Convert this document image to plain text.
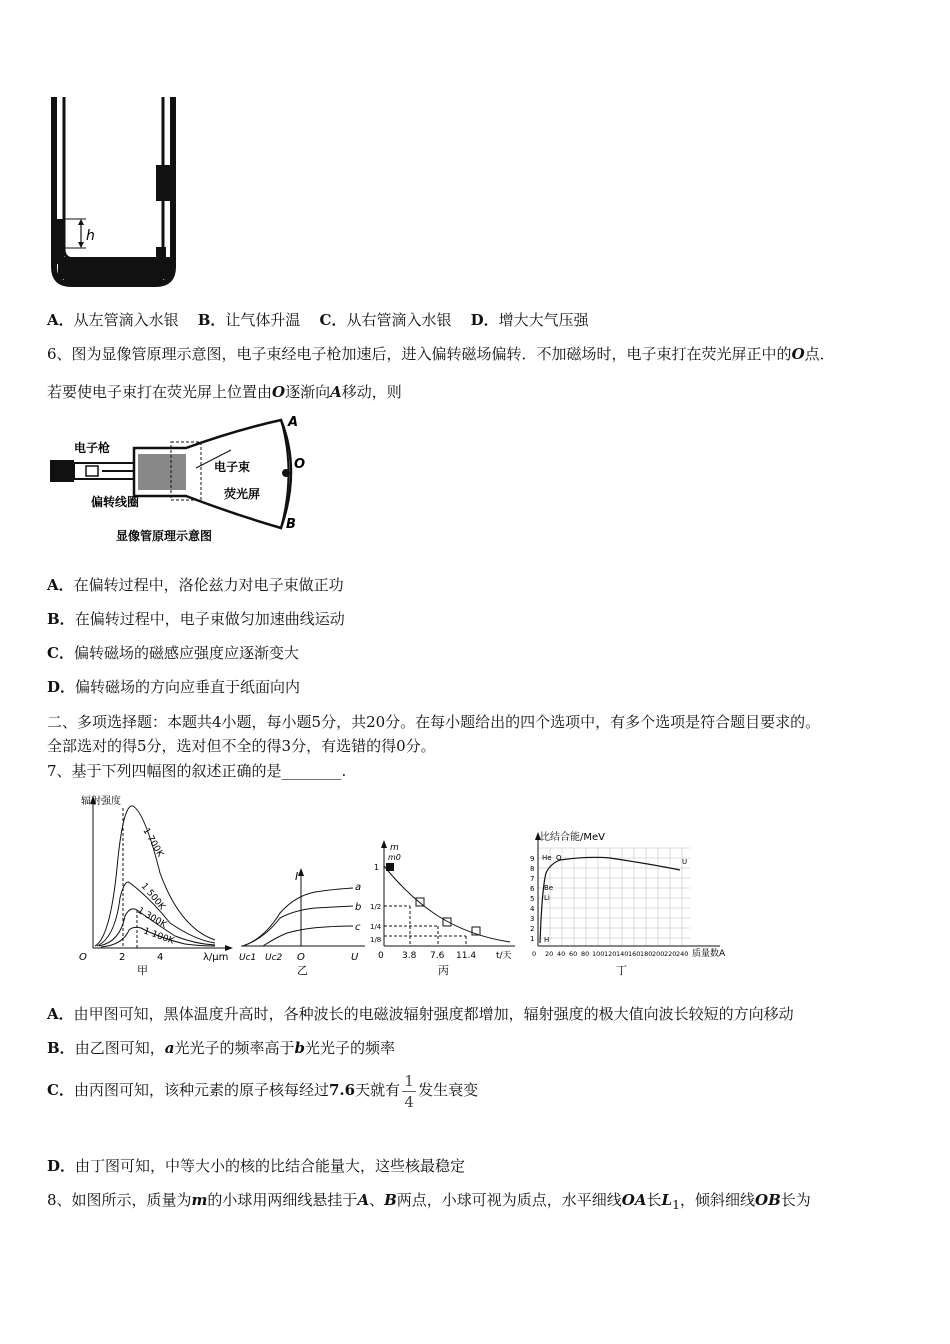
h
A．从左管滴入水银 B．让气体升温 C．从右管滴入水银 D．增大大气压强
6、图为显像管原理示意图，电子束经电子枪加速后，进入偏转磁场偏转．不加磁场时，电子束打在荧光屏正中的O点．
若要使电子束打在荧光屏上位置由O逐渐向A移动，则
电子枪
电子束
荧光屏
偏转线圈
A
O
B
显像管原理示意图
A．在偏转过程中，洛伦兹力对电子束做正功
B．在偏转过程中，电子束做匀加速曲线运动
C．偏转磁场的磁感应强度应逐渐变大
D．偏转磁场的方向应垂直于纸面向内
二、多项选择题：本题共4小题，每小题5分，共20分。在每小题给出的四个选项中，有多个选项是符合题目要求的。
全部选对的得5分，选对但不全的得3分，有选错的得0分。
7、基于下列四幅图的叙述正确的是________.
辐射强度
1 700K
1 500K
1 300K
1 100K
O	2	4	λ/μm
甲
I
a
b
c
Uc1 Uc2 O	U
乙
m
m0
1
1/2
1/4
1/8
0 3.8 7.6 11.4 t/天
丙
比结合能/MeV
He O
Be
Li
H
U
1
2
3
4
5
6
7
8
9
0 20 40 60 80 100 120 140 160 180 200 220 240 质量数A
丁
A．由甲图可知，黑体温度升高时，各种波长的电磁波辐射强度都增加，辐射强度的极大值向波长较短的方向移动
B．由乙图可知，a光光子的频率高于b光光子的频率
C．由丙图可知，该种元素的原子核每经过7.6天就有 $\frac{1}{4}$ 发生衰变
D．由丁图可知，中等大小的核的比结合能量大，这些核最稳定
8、如图所示，质量为m的小球用两细线悬挂于A、B两点，小球可视为质点，水平细线OA长$L_1$，倾斜细线OB长为
